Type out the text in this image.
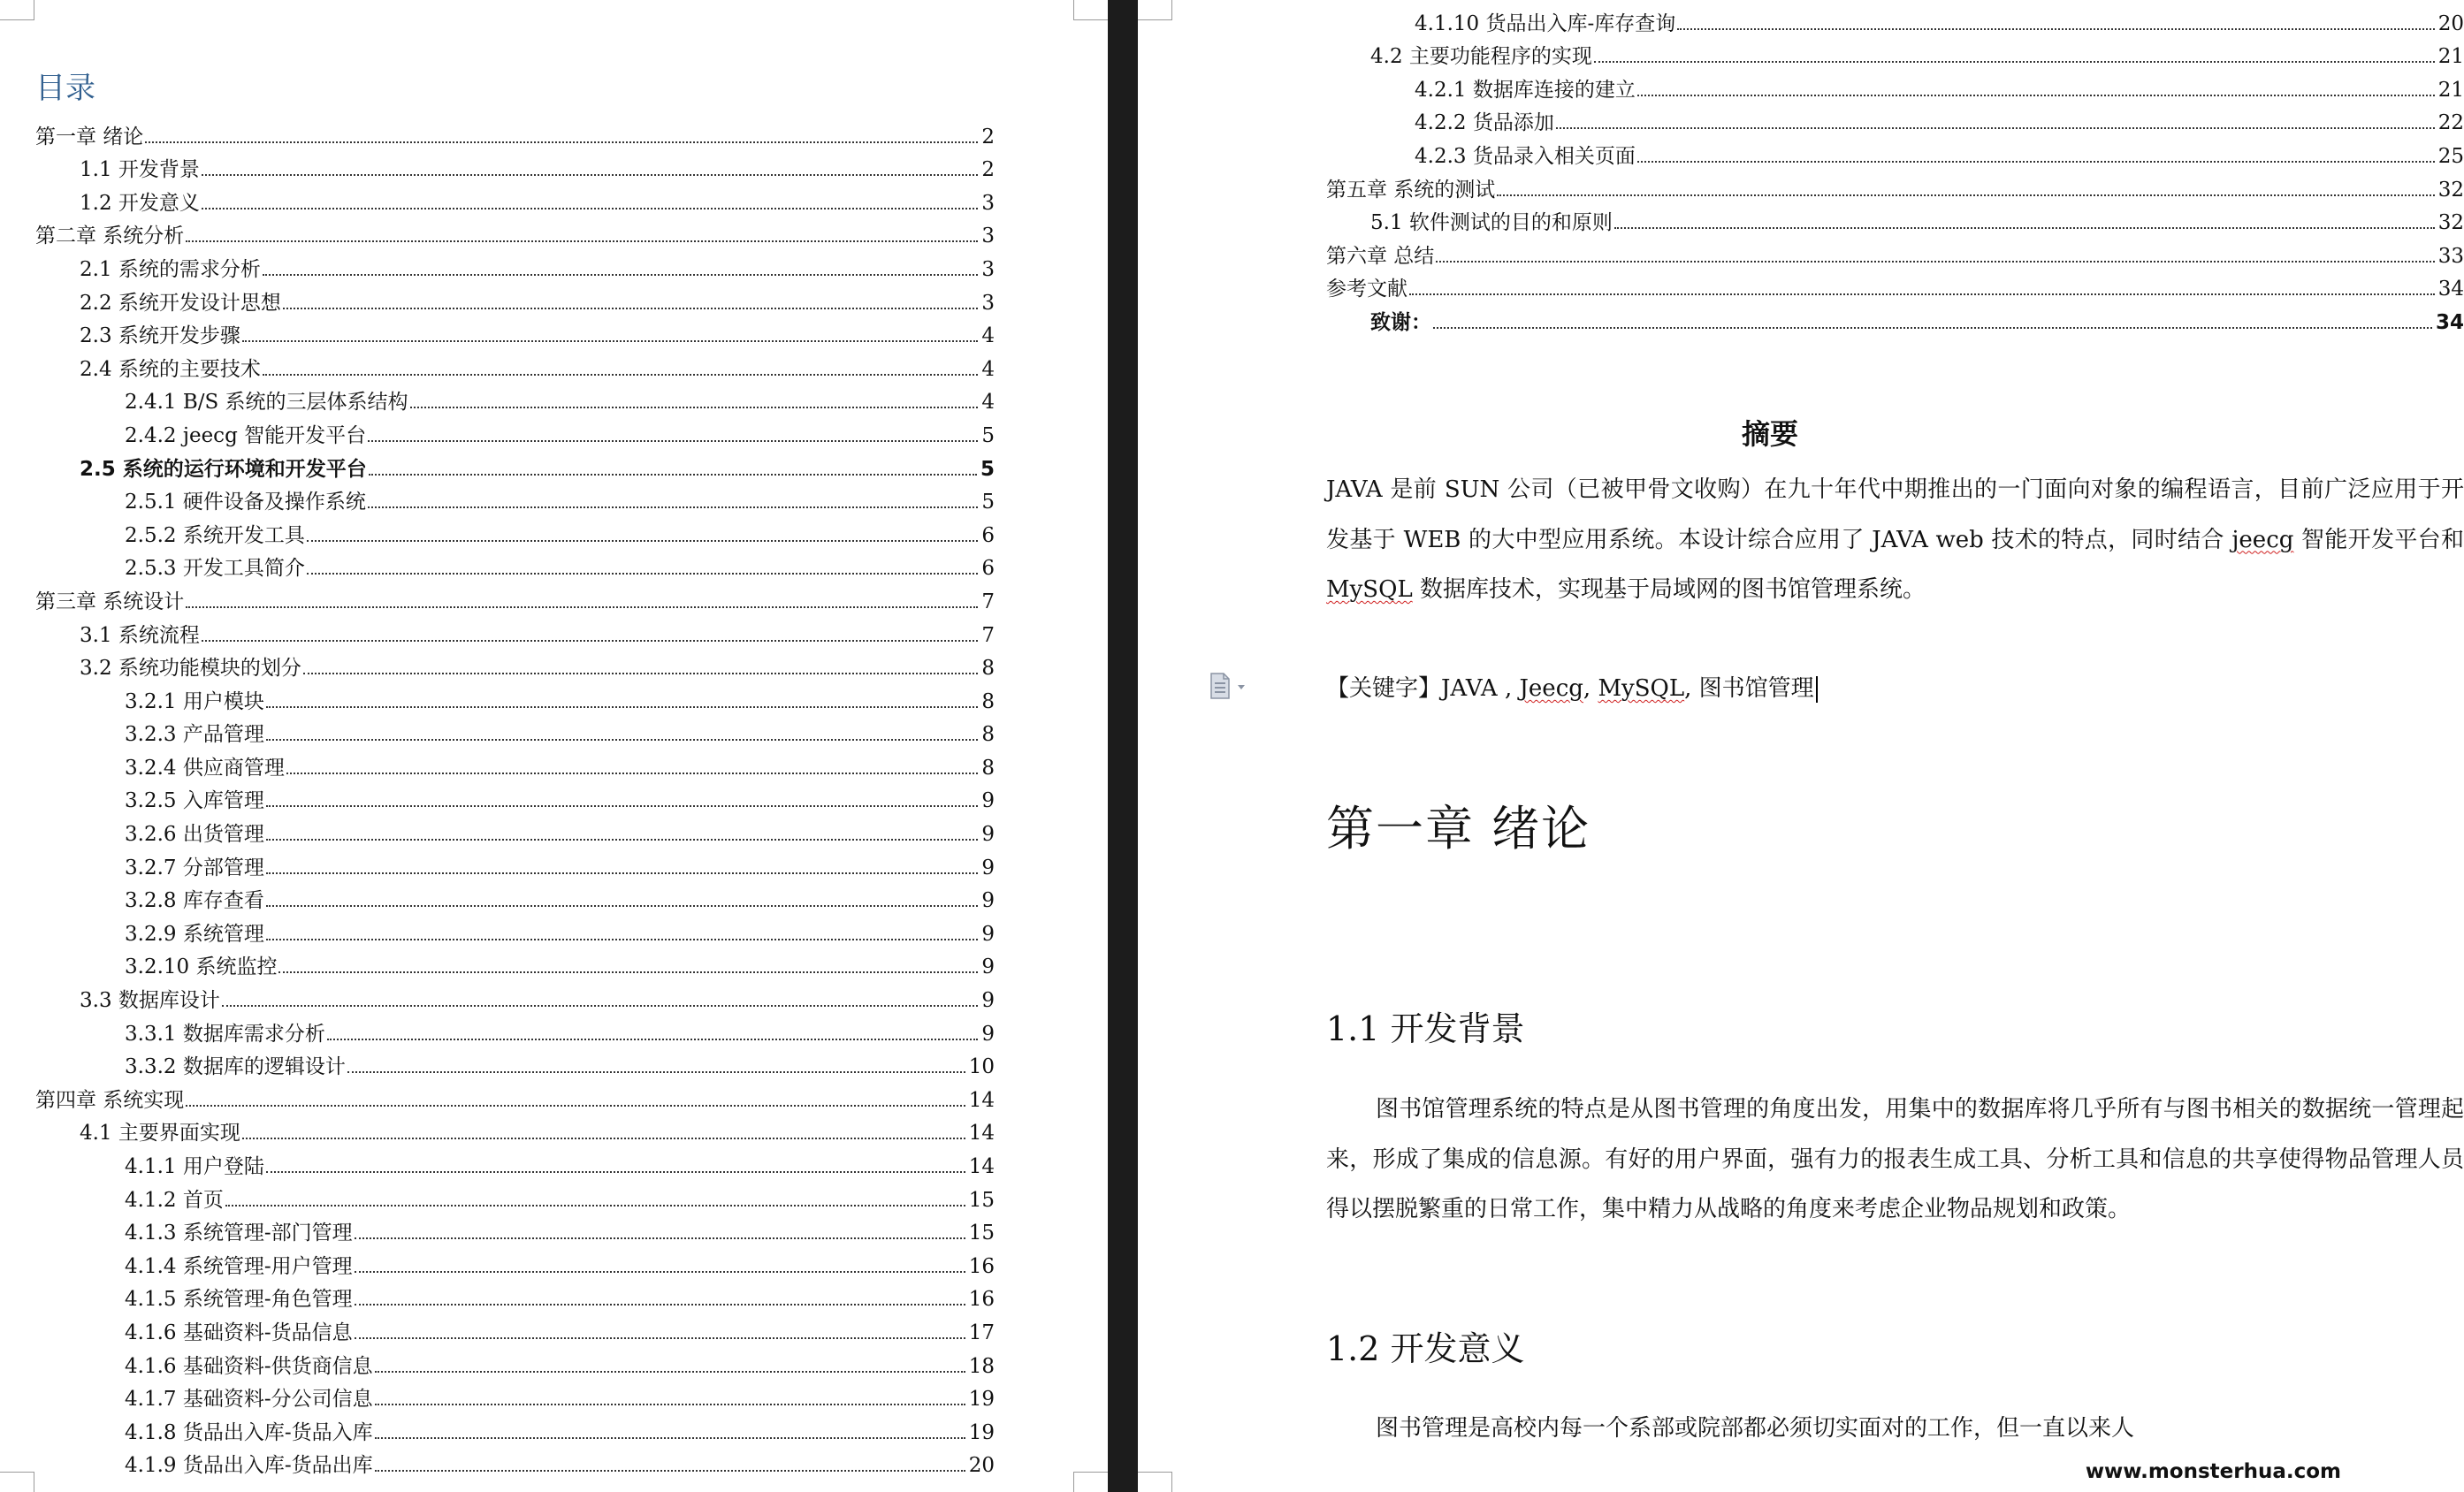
目录
第一章 绪论	2
1.1 开发背景	2
1.2 开发意义	3
第二章 系统分析	3
2.1 系统的需求分析	3
2.2 系统开发设计思想	3
2.3 系统开发步骤	4
2.4 系统的主要技术	4
2.4.1 B/S 系统的三层体系结构	4
2.4.2 jeecg 智能开发平台	5
2.5 系统的运行环境和开发平台	5
2.5.1 硬件设备及操作系统	5
2.5.2 系统开发工具	6
2.5.3 开发工具简介	6
第三章 系统设计	7
3.1 系统流程	7
3.2 系统功能模块的划分	8
3.2.1 用户模块	8
3.2.3 产品管理	8
3.2.4 供应商管理	8
3.2.5 入库管理	9
3.2.6 出货管理	9
3.2.7 分部管理	9
3.2.8 库存查看	9
3.2.9 系统管理	9
3.2.10 系统监控	9
3.3 数据库设计	9
3.3.1 数据库需求分析	9
3.3.2 数据库的逻辑设计	10
第四章 系统实现	14
4.1 主要界面实现	14
4.1.1 用户登陆	14
4.1.2 首页	15
4.1.3 系统管理-部门管理	15
4.1.4 系统管理-用户管理	16
4.1.5 系统管理-角色管理	16
4.1.6 基础资料-货品信息	17
4.1.6 基础资料-供货商信息	18
4.1.7 基础资料-分公司信息	19
4.1.8 货品出入库-货品入库	19
4.1.9 货品出入库-货品出库	20
4.1.10 货品出入库-库存查询	20
4.2 主要功能程序的实现	21
4.2.1 数据库连接的建立	21
4.2.2 货品添加	22
4.2.3 货品录入相关页面	25
第五章 系统的测试	32
5.1 软件测试的目的和原则	32
第六章 总结	33
参考文献	34
致谢：	34
摘要

JAVA 是前 SUN 公司（已被甲骨文收购）在九十年代中期推出的一门面向对象的编程语言，目前广泛应用于开发基于 WEB 的大中型应用系统。本设计综合应用了 JAVA web 技术的特点，同时结合 jeecg 智能开发平台和 MySQL 数据库技术，实现基于局域网的图书馆管理系统。

【关键字】JAVA , Jeecg, MySQL, 图书馆管理

第一章 绪论
1.1 开发背景

图书馆管理系统的特点是从图书管理的角度出发，用集中的数据库将几乎所有与图书相关的数据统一管理起来，形成了集成的信息源。有好的用户界面，强有力的报表生成工具、分析工具和信息的共享使得物品管理人员得以摆脱繁重的日常工作，集中精力从战略的角度来考虑企业物品规划和政策。

1.2 开发意义

图书管理是高校内每一个系部或院部都必须切实面对的工作，但一直以来人

www.monsterhua.com
